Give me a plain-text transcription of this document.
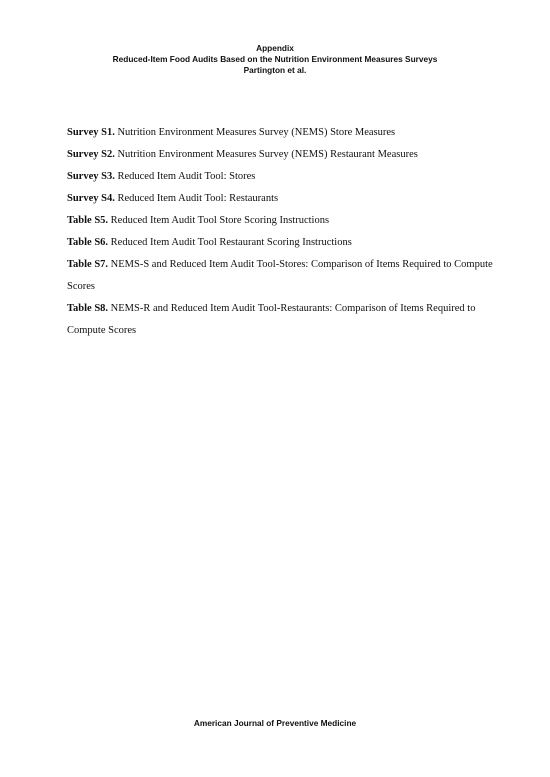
Appendix
Reduced-Item Food Audits Based on the Nutrition Environment Measures Surveys
Partington et al.
Survey S1. Nutrition Environment Measures Survey (NEMS) Store Measures
Survey S2. Nutrition Environment Measures Survey (NEMS) Restaurant Measures
Survey S3. Reduced Item Audit Tool: Stores
Survey S4. Reduced Item Audit Tool: Restaurants
Table S5. Reduced Item Audit Tool Store Scoring Instructions
Table S6. Reduced Item Audit Tool Restaurant Scoring Instructions
Table S7. NEMS-S and Reduced Item Audit Tool-Stores: Comparison of Items Required to Compute Scores
Table S8. NEMS-R and Reduced Item Audit Tool-Restaurants: Comparison of Items Required to Compute Scores
American Journal of Preventive Medicine
